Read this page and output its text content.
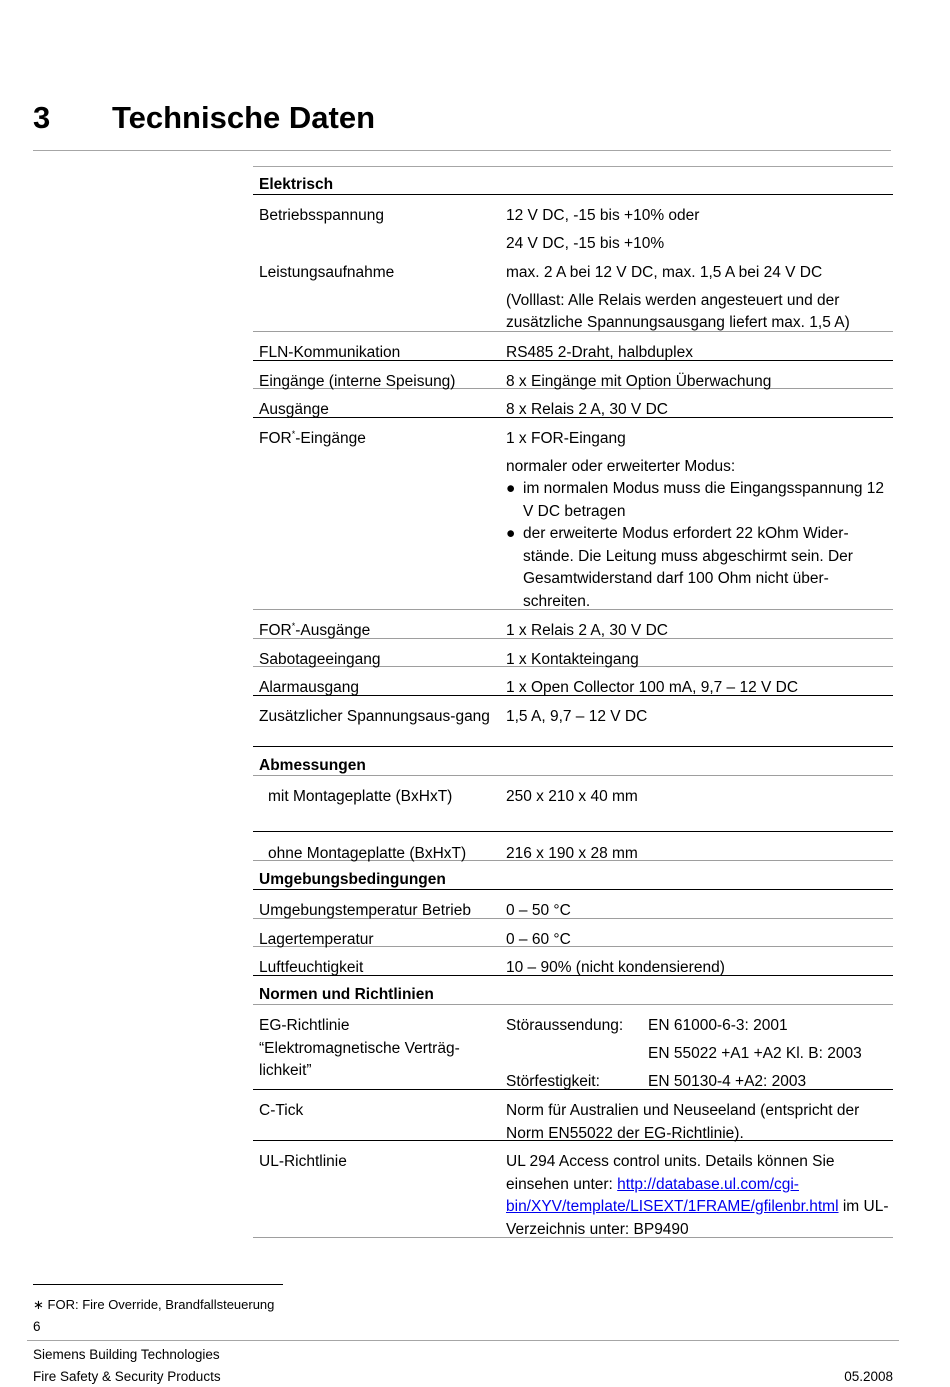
3 Technische Daten
Elektrisch
Betriebsspannung	12 V DC, -15 bis +10% oder
24 V DC, -15 bis +10%
Leistungsaufnahme	max. 2 A bei 12 V DC, max. 1,5 A bei 24 V DC
(Volllast: Alle Relais werden angesteuert und der zusätzliche Spannungsausgang liefert max. 1,5 A)
FLN-Kommunikation	RS485 2-Draht, halbduplex
Eingänge (interne Speisung)	8 x Eingänge mit Option Überwachung
Ausgänge	8 x Relais 2 A, 30 V DC
FOR*-Eingänge	1 x FOR-Eingang
normaler oder erweiterter Modus:
● im normalen Modus muss die Eingangsspannung 12 V DC betragen
● der erweiterte Modus erfordert 22 kOhm Wider-stände. Die Leitung muss abgeschirmt sein. Der Gesamtwiderstand darf 100 Ohm nicht über-schreiten.
FOR*-Ausgänge	1 x Relais 2 A, 30 V DC
Sabotageeingang	1 x Kontakteingang
Alarmausgang	1 x Open Collector 100 mA, 9,7 – 12 V DC
Zusätzlicher Spannungsaus-gang	1,5 A, 9,7 – 12 V DC
Abmessungen
mit Montageplatte (BxHxT)	250 x 210 x 40 mm
ohne Montageplatte (BxHxT)	216 x 190 x 28 mm
Umgebungsbedingungen
Umgebungstemperatur Betrieb	0 – 50 °C
Lagertemperatur	0 – 60 °C
Luftfeuchtigkeit	10 – 90% (nicht kondensierend)
Normen und Richtlinien
EG-Richtlinie “Elektromagnetische Verträg-lichkeit”
Störaussendung:	EN 61000-6-3: 2001
EN 55022 +A1 +A2 Kl. B: 2003
Störfestigkeit:	EN 50130-4 +A2: 2003
C-Tick	Norm für Australien und Neuseeland (entspricht der Norm EN55022 der EG-Richtlinie).
UL-Richtlinie	UL 294 Access control units. Details können Sie einsehen unter: http://database.ul.com/cgi-bin/XYV/template/LISEXT/1FRAME/gfilenbr.html im UL-Verzeichnis unter: BP9490
∗ FOR: Fire Override, Brandfallsteuerung
6
Siemens Building Technologies
Fire Safety & Security Products	05.2008
